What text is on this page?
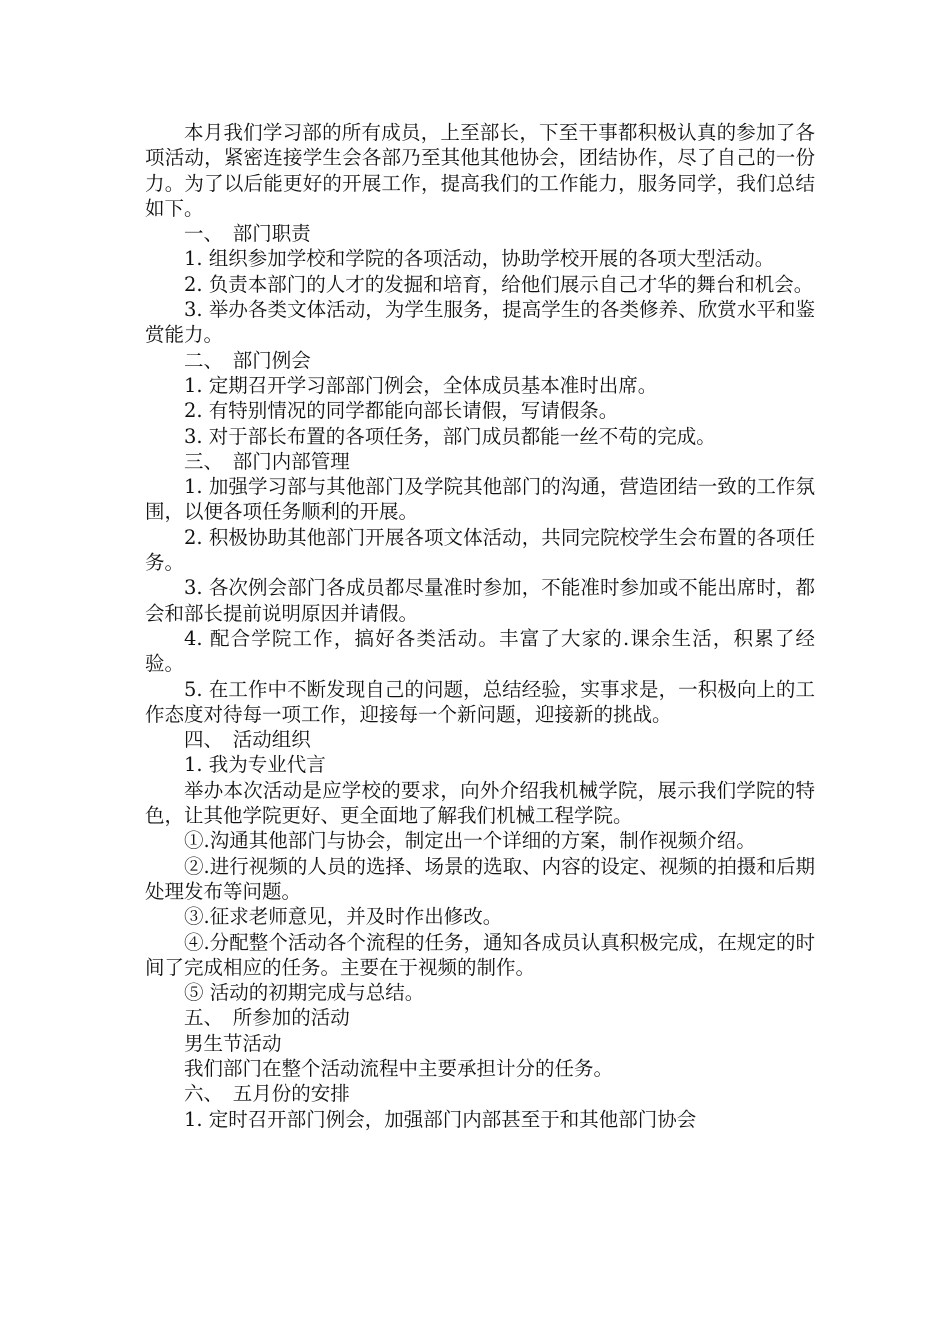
本月我们学习部的所有成员，上至部长，下至干事都积极认真的参加了各项活动，紧密连接学生会各部乃至其他其他协会，团结协作，尽了自己的一份力。为了以后能更好的开展工作，提高我们的工作能力，服务同学，我们总结如下。

一、　部门职责

1. 组织参加学校和学院的各项活动，协助学校开展的各项大型活动。

2. 负责本部门的人才的发掘和培育，给他们展示自己才华的舞台和机会。

3. 举办各类文体活动，为学生服务，提高学生的各类修养、欣赏水平和鉴赏能力。

二、　部门例会

1. 定期召开学习部部门例会，全体成员基本准时出席。

2. 有特别情况的同学都能向部长请假，写请假条。

3. 对于部长布置的各项任务，部门成员都能一丝不苟的完成。

三、　部门内部管理

1. 加强学习部与其他部门及学院其他部门的沟通，营造团结一致的工作氛围，以便各项任务顺利的开展。

2. 积极协助其他部门开展各项文体活动，共同完院校学生会布置的各项任务。

3. 各次例会部门各成员都尽量准时参加，不能准时参加或不能出席时，都会和部长提前说明原因并请假。

4. 配合学院工作，搞好各类活动。丰富了大家的.课余生活，积累了经验。

5. 在工作中不断发现自己的问题，总结经验，实事求是，一积极向上的工作态度对待每一项工作，迎接每一个新问题，迎接新的挑战。

四、　活动组织

1. 我为专业代言

举办本次活动是应学校的要求，向外介绍我机械学院，展示我们学院的特色，让其他学院更好、更全面地了解我们机械工程学院。

①.沟通其他部门与协会，制定出一个详细的方案，制作视频介绍。

②.进行视频的人员的选择、场景的选取、内容的设定、视频的拍摄和后期处理发布等问题。

③.征求老师意见，并及时作出修改。

④.分配整个活动各个流程的任务，通知各成员认真积极完成，在规定的时间了完成相应的任务。主要在于视频的制作。

⑤ 活动的初期完成与总结。

五、　所参加的活动

男生节活动

我们部门在整个活动流程中主要承担计分的任务。

六、　五月份的安排

1. 定时召开部门例会，加强部门内部甚至于和其他部门协会
